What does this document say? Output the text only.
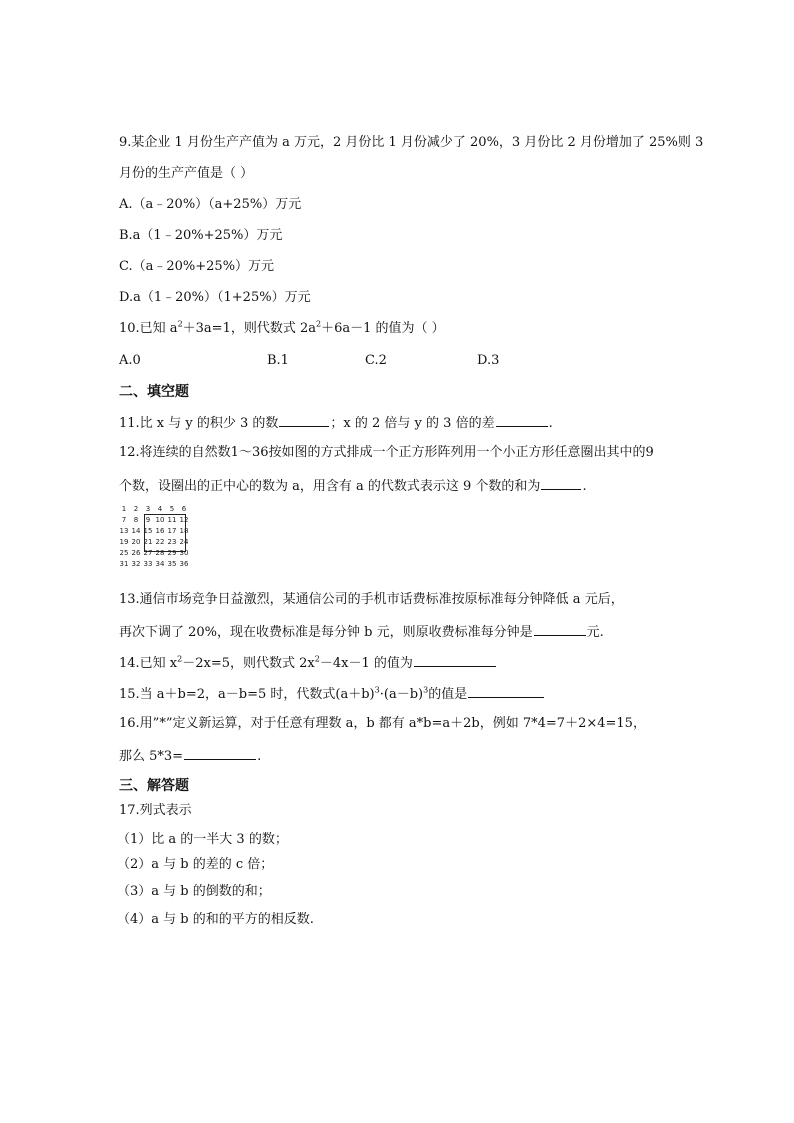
9.某企业 1 月份生产产值为 a 万元，2 月份比 1 月份减少了 20%，3 月份比 2 月份增加了 25%则 3
月份的生产产值是（ ）
A.（a﹣20%）（a+25%）万元
B.a（1﹣20%+25%）万元
C.（a﹣20%+25%）万元
D.a（1﹣20%）（1+25%）万元
10.已知 $a^2+3a=1$，则代数式 $2a^2+6a-1$ 的值为（ ）
A.0	B.1	C.2	D.3
二、填空题
11.比 x 与 y 的积少 3 的数	；x 的 2 倍与 y 的 3 倍的差	.
12.将连续的自然数1～36按如图的方式排成一个正方形阵列用一个小正方形任意圈出其中的9
个数，设圈出的正中心的数为 a，用含有 a 的代数式表示这 9 个数的和为	.
1	2	3	4	5	6
7	8	9	10	11	12
13	14	15	16	17	18
19	20	21	22	23	24
25	26	27	28	29	30
31	32	33	34	35	36
13.通信市场竞争日益激烈，某通信公司的手机市话费标准按原标准每分钟降低 a 元后，
再次下调了 20%，现在收费标准是每分钟 b 元，则原收费标准每分钟是	元.
14.已知 $x^2-2x=5$，则代数式 $2x^2-4x-1$ 的值为
15.当 a＋b=2，a－b=5 时，代数式$(a+b)^3\cdot(a-b)^3$的值是
16.用”*”定义新运算，对于任意有理数 a，b 都有 a*b=a＋2b，例如 7*4=7＋2×4=15，
那么 5*3=	.
三、解答题
17.列式表示
（1）比 a 的一半大 3 的数；
（2）a 与 b 的差的 c 倍；
（3）a 与 b 的倒数的和；
（4）a 与 b 的和的平方的相反数.
